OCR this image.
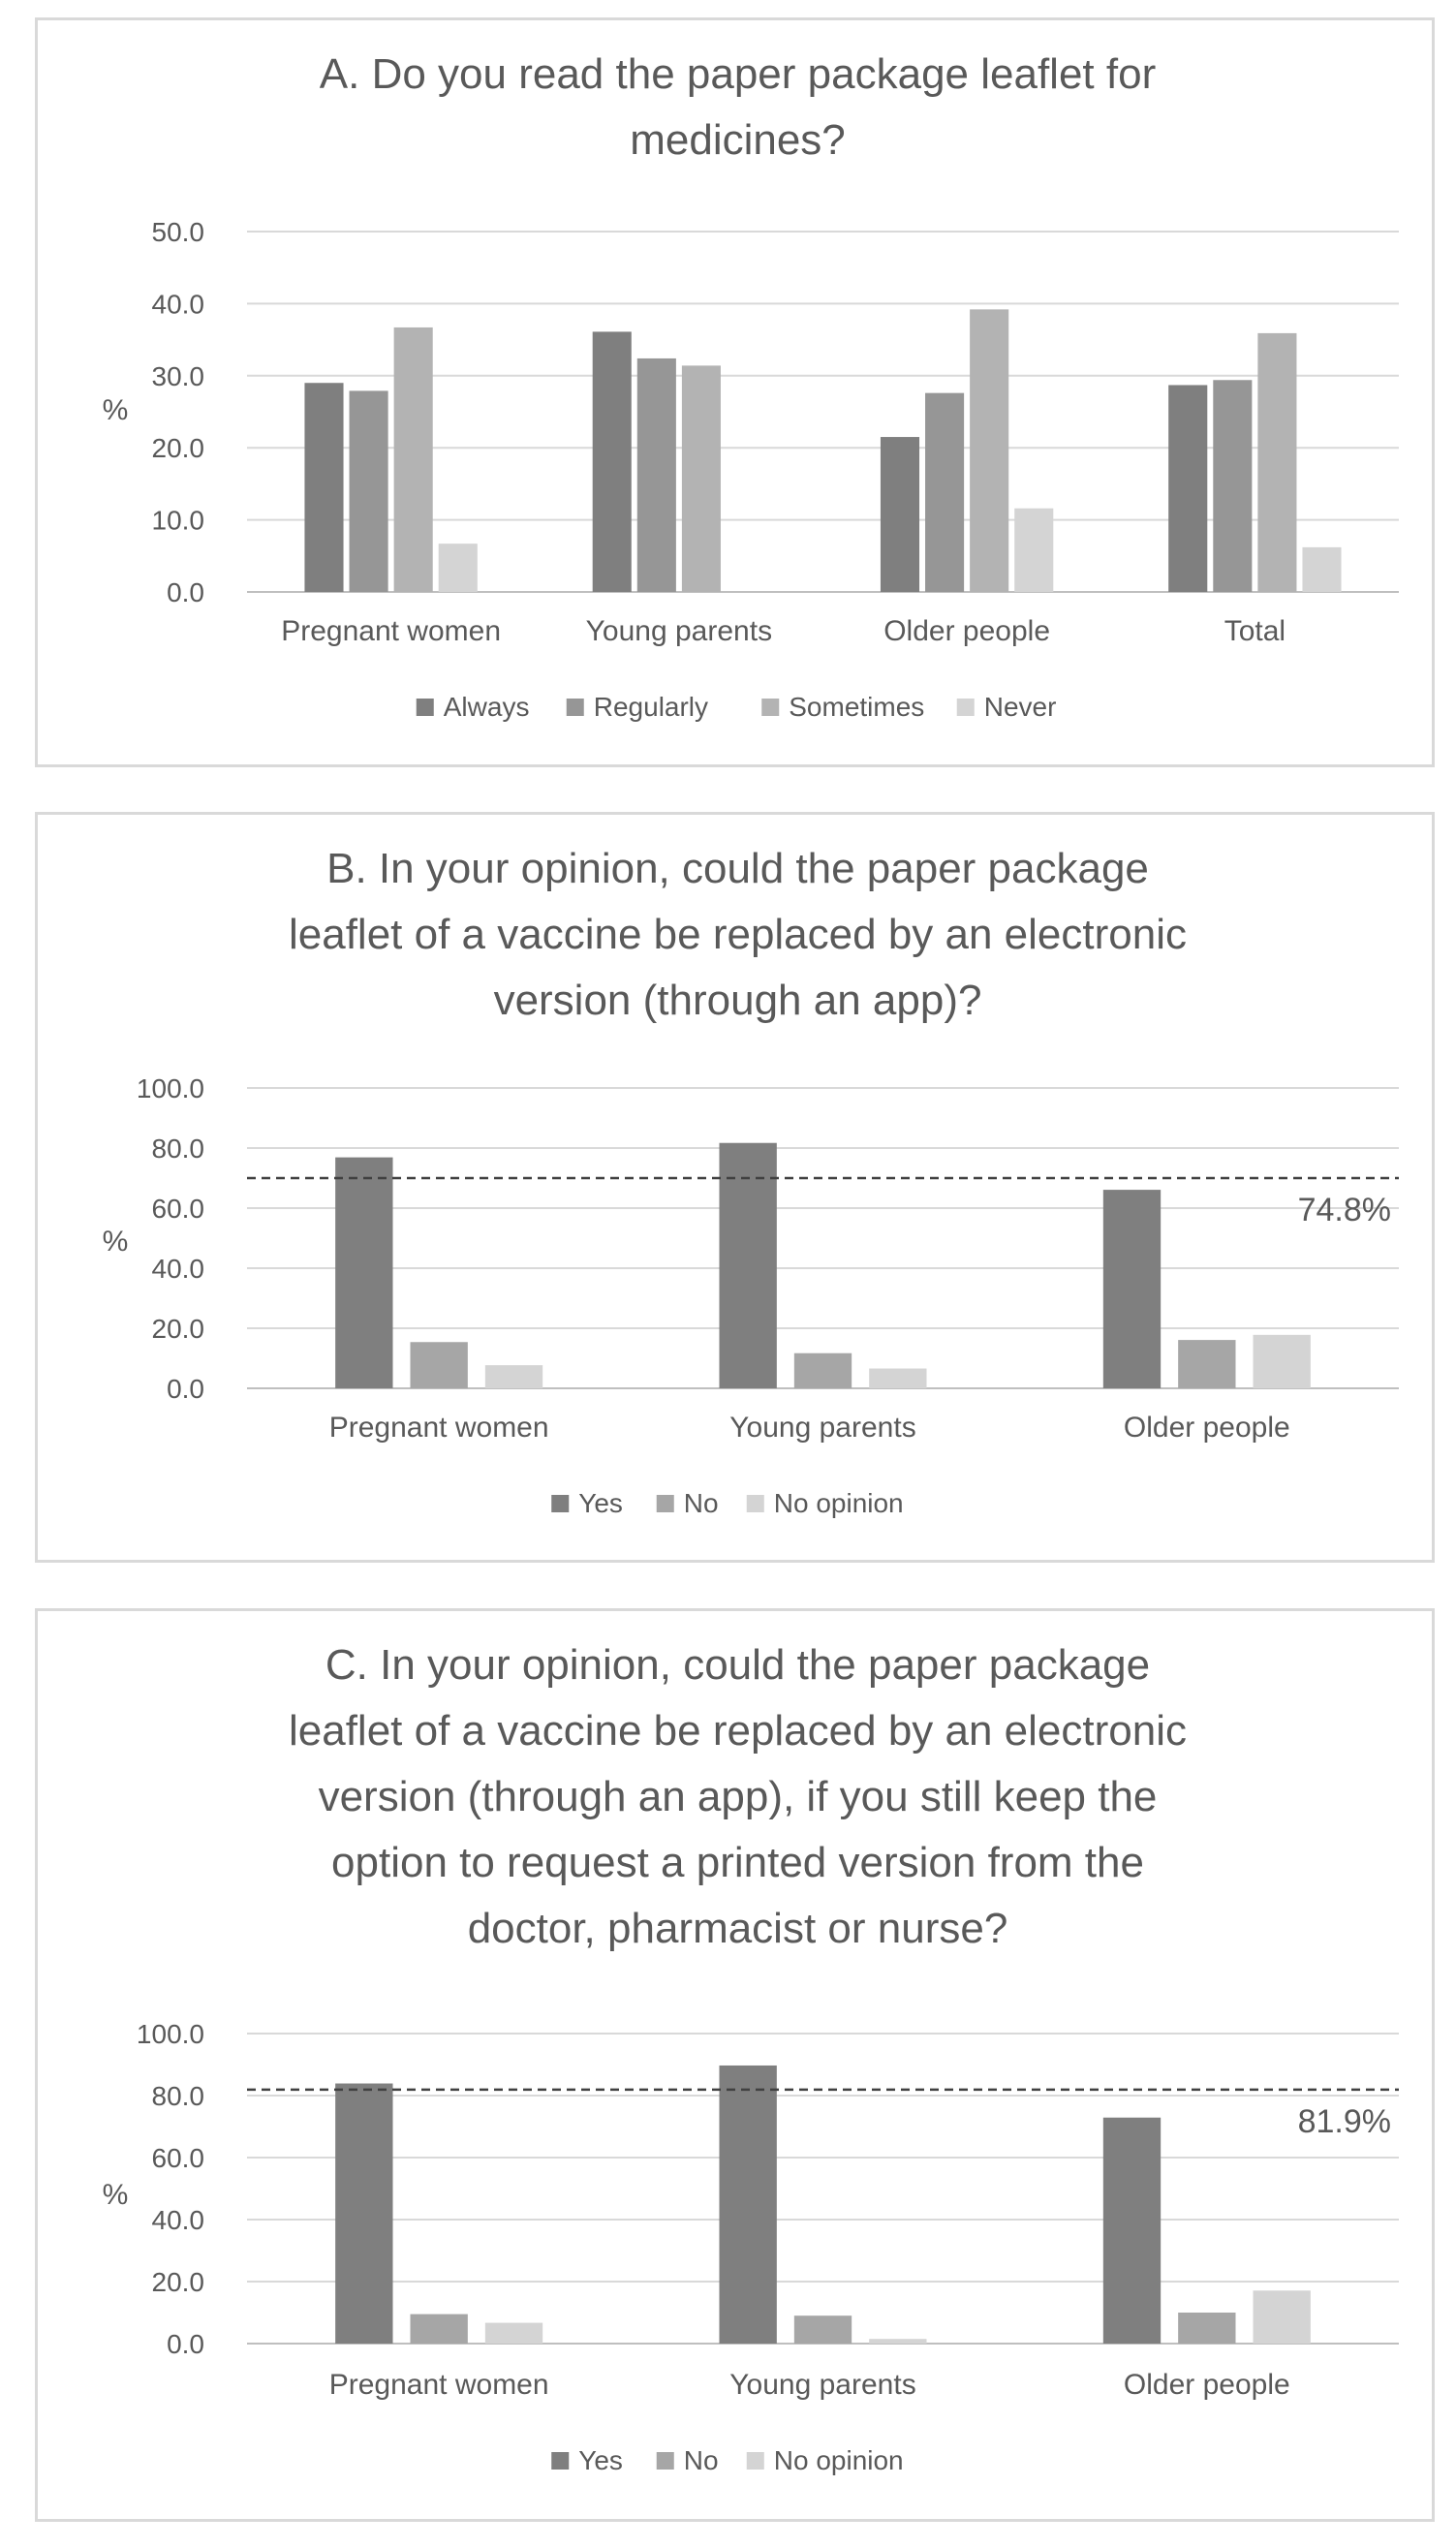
A. Do you read the paper package leaflet for
medicines?
0.0
10.0
20.0
30.0
40.0
50.0
%
Pregnant women	Young parents	Older people	Total
Always Regularly	Sometimes Never
B. In your opinion, could the paper package
leaflet of a vaccine be replaced by an electronic
version (through an app)?
0.0
20.0
40.0
60.0
80.0
100.0
%
Pregnant women	Young parents	Older people
74.8%
Yes No No opinion
C. In your opinion, could the paper package
leaflet of a vaccine be replaced by an electronic
version (through an app), if you still keep the
option to request a printed version from the
doctor, pharmacist or nurse?
0.0
20.0
40.0
60.0
80.0
100.0
%
Pregnant women	Young parents	Older people
81.9%
Yes No No opinion
